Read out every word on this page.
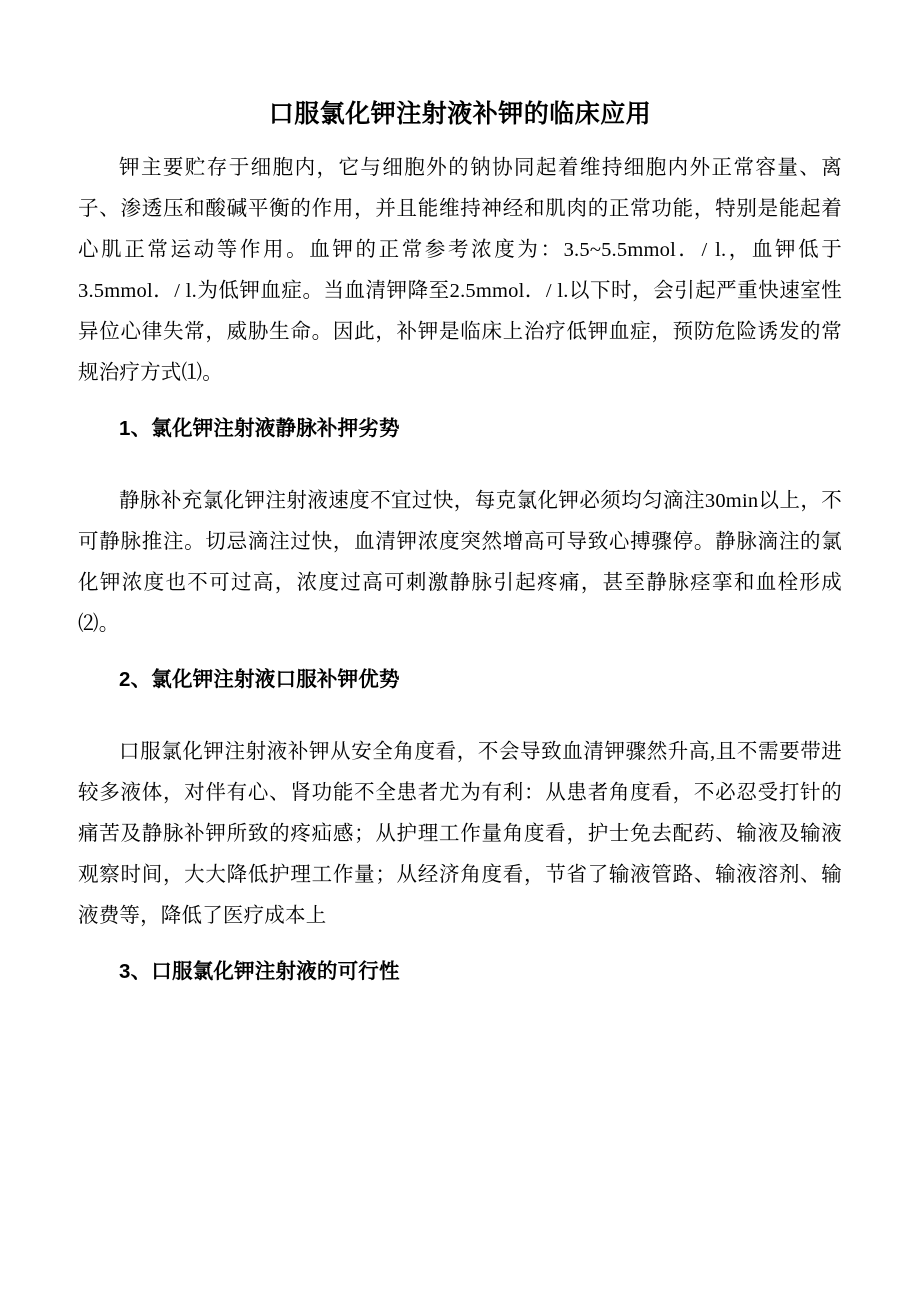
口服氯化钾注射液补钾的临床应用

钾主要贮存于细胞内，它与细胞外的钠协同起着维持细胞内外正常容量、离子、渗透压和酸碱平衡的作用，并且能维持神经和肌肉的正常功能，特别是能起着心肌正常运动等作用。血钾的正常参考浓度为：3.5~5.5mmol．/ l.，血钾低于3.5mmol．/ l.为低钾血症。当血清钾降至2.5mmol．/ l.以下时，会引起严重快速室性异位心律失常，威胁生命。因此，补钾是临床上治疗低钾血症，预防危险诱发的常规治疗方式⑴。

1、氯化钾注射液静脉补押劣势

静脉补充氯化钾注射液速度不宜过快，每克氯化钾必须均匀滴注30min以上，不可静脉推注。切忌滴注过快，血清钾浓度突然增高可导致心搏骤停。静脉滴注的氯化钾浓度也不可过高，浓度过高可刺激静脉引起疼痛，甚至静脉痉挛和血栓形成⑵。

2、氯化钾注射液口服补钾优势

口服氯化钾注射液补钾从安全角度看，不会导致血清钾骤然升高,且不需要带进较多液体，对伴有心、肾功能不全患者尤为有利：从患者角度看，不必忍受打针的痛苦及静脉补钾所致的疼疝感；从护理工作量角度看，护士免去配药、输液及输液观察时间，大大降低护理工作量；从经济角度看，节省了输液管路、输液溶剂、输液费等，降低了医疗成本上

3、口服氯化钾注射液的可行性
